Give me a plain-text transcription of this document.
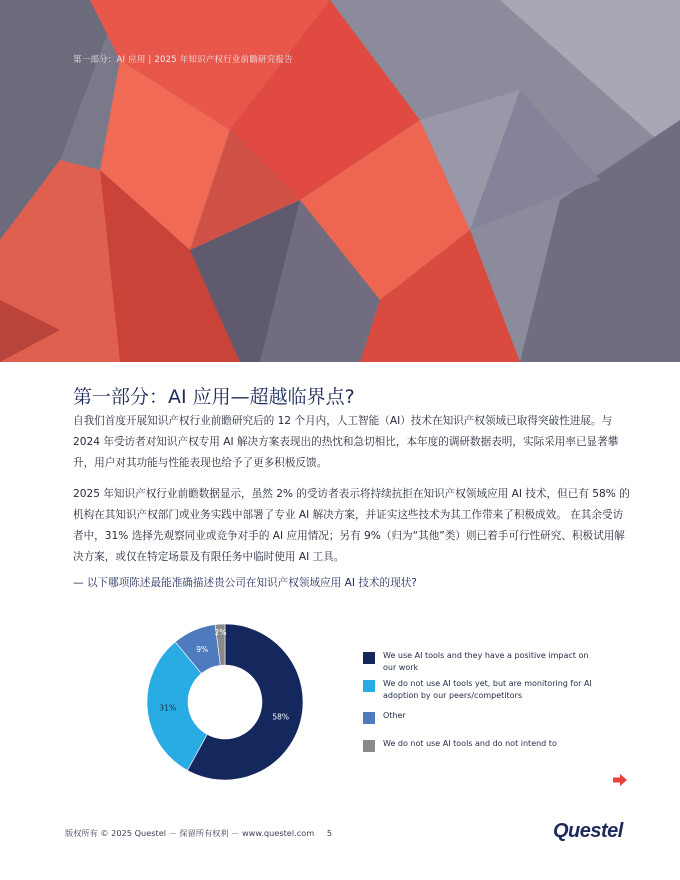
第一部分：AI 应用 | 2025 年知识产权行业前瞻研究报告
第一部分：AI 应用—超越临界点?

自我们首度开展知识产权行业前瞻研究后的 12 个月内，人工智能（AI）技术在知识产权领域已取得突破性进展。与 2024 年受访者对知识产权专用 AI 解决方案表现出的热忱和急切相比，本年度的调研数据表明，实际采用率已显著攀升，用户对其功能与性能表现也给予了更多积极反馈。

2025 年知识产权行业前瞻数据显示，虽然 2% 的受访者表示将持续抗拒在知识产权领域应用 AI 技术，但已有 58% 的机构在其知识产权部门或业务实践中部署了专业 AI 解决方案，并证实这些技术为其工作带来了积极成效。 在其余受访者中，31% 选择先观察同业或竞争对手的 AI 应用情况；另有 9%（归为“其他”类）则已着手可行性研究、积极试用解决方案，或仅在特定场景及有限任务中临时使用 AI 工具。

— 以下哪项陈述最能准确描述贵公司在知识产权领域应用 AI 技术的现状?

58%
31%
9%
2%
We use AI tools and they have a positive impact on our work
We do not use AI tools yet, but are monitoring for AI adoption by our peers/competitors
Other
We do not use AI tools and do not intend to
版权所有 © 2025 Questel － 保留所有权利 － www.questel.com 5	Questel
